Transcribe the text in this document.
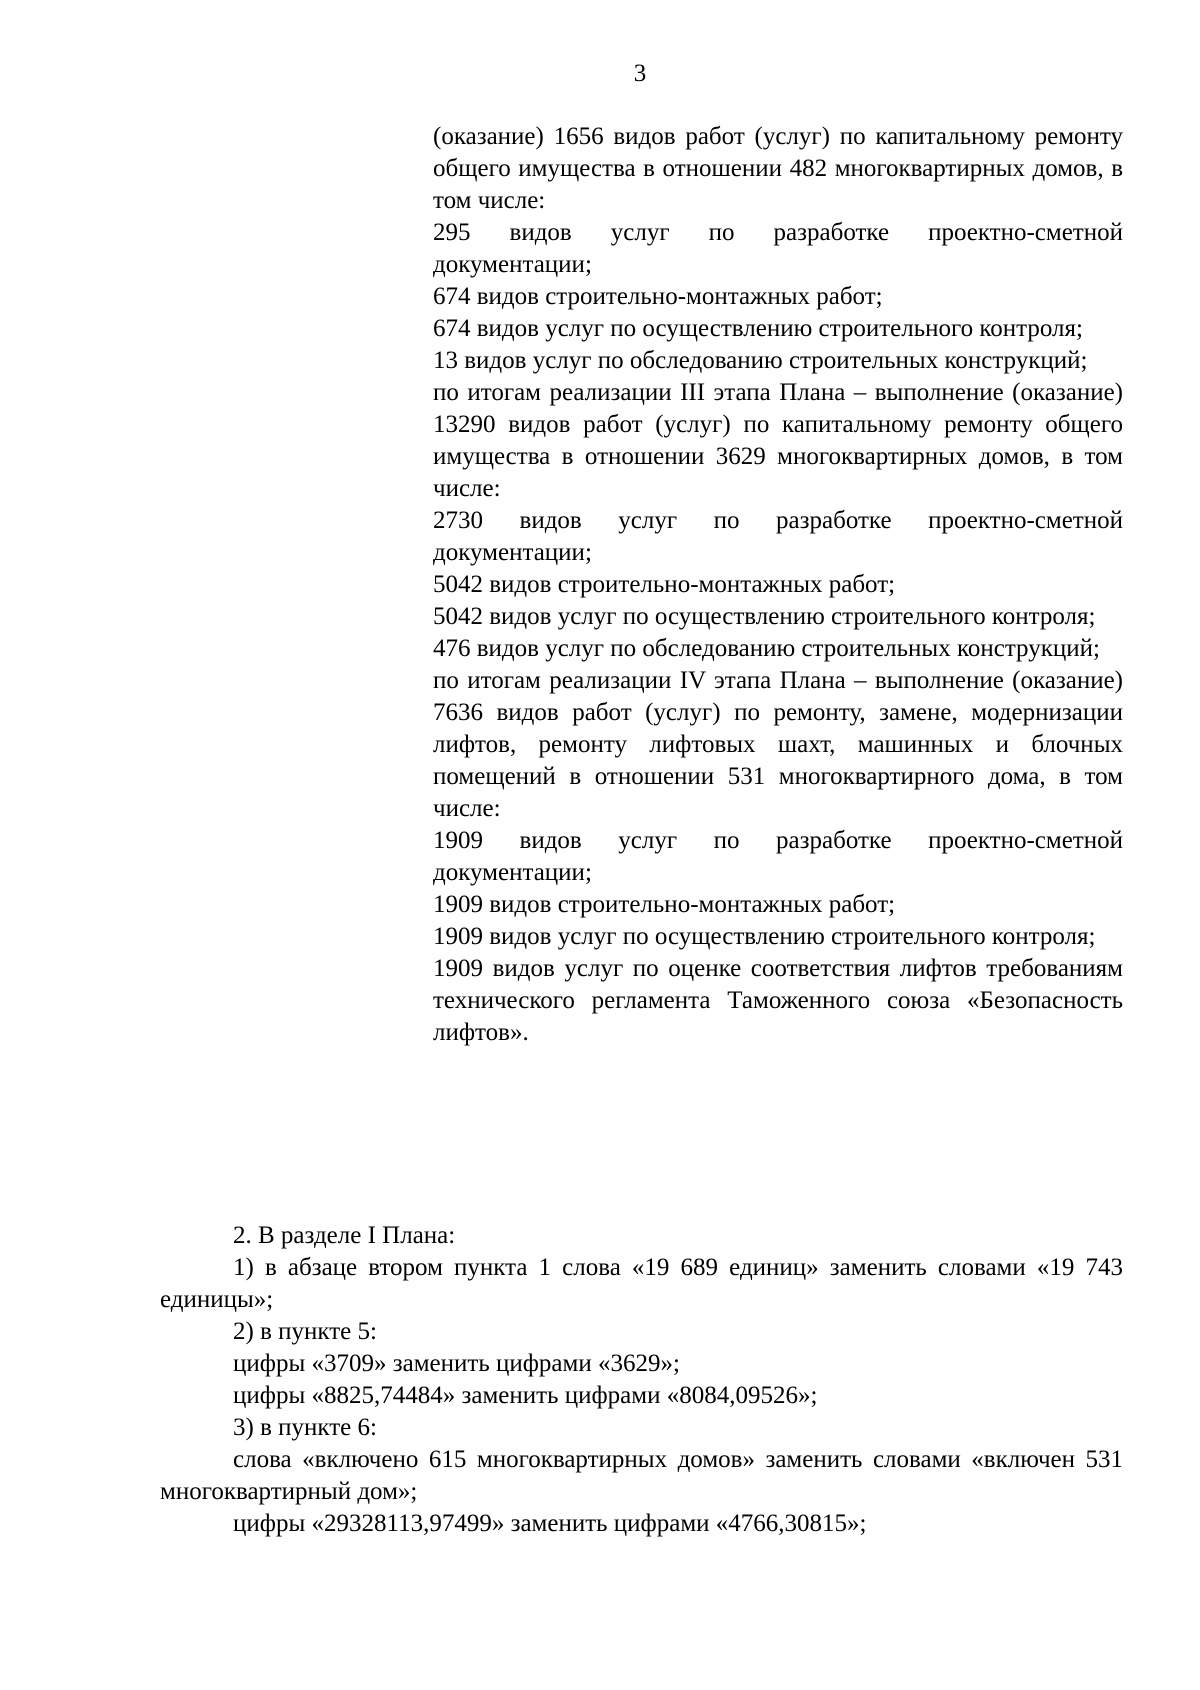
3

(оказание) 1656 видов работ (услуг) по капитальному ремонту общего имущества в отношении 482 многоквартирных домов, в том числе:

295 видов услуг по разработке проектно-сметной документации;

674 видов строительно-монтажных работ;

674 видов услуг по осуществлению строительного контроля;

13 видов услуг по обследованию строительных конструкций;

по итогам реализации III этапа Плана – выполнение (оказание) 13290 видов работ (услуг) по капитальному ремонту общего имущества в отношении 3629 многоквартирных домов, в том числе:

2730 видов услуг по разработке проектно-сметной документации;

5042 видов строительно-монтажных работ;

5042 видов услуг по осуществлению строительного контроля;

476 видов услуг по обследованию строительных конструкций;

по итогам реализации IV этапа Плана – выполнение (оказание) 7636 видов работ (услуг) по ремонту, замене, модернизации лифтов, ремонту лифтовых шахт, машинных и блочных помещений в отношении 531 многоквартирного дома, в том числе:

1909 видов услуг по разработке проектно-сметной документации;

1909 видов строительно-монтажных работ;

1909 видов услуг по осуществлению строительного контроля;

1909 видов услуг по оценке соответствия лифтов требованиям технического регламента Таможенного союза «Безопасность лифтов».

2. В разделе I Плана:

1) в абзаце втором пункта 1 слова «19 689 единиц» заменить словами «19 743 единицы»;

2) в пункте 5:

цифры «3709» заменить цифрами «3629»;

цифры «8825,74484» заменить цифрами «8084,09526»;

3) в пункте 6:

слова «включено 615 многоквартирных домов» заменить словами «включен 531 многоквартирный дом»;

цифры «29328113,97499» заменить цифрами «4766,30815»;
